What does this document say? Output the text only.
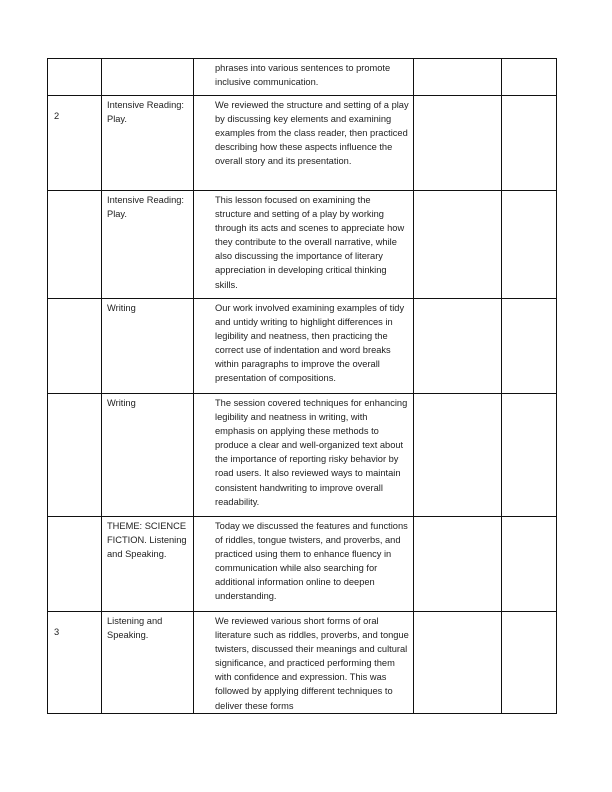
		phrases into various sentences to promote inclusive communication.		

2	Intensive Reading: Play.	We reviewed the structure and setting of a play by discussing key elements and examining examples from the class reader, then practiced describing how these aspects influence the overall story and its presentation.		

	Intensive Reading: Play.	This lesson focused on examining the structure and setting of a play by working through its acts and scenes to appreciate how they contribute to the overall narrative, while also discussing the importance of literary appreciation in developing critical thinking skills.		

	Writing	Our work involved examining examples of tidy and untidy writing to highlight differences in legibility and neatness, then practicing the correct use of indentation and word breaks within paragraphs to improve the overall presentation of compositions.		

	Writing	The session covered techniques for enhancing legibility and neatness in writing, with emphasis on applying these methods to produce a clear and well-organized text about the importance of reporting risky behavior by road users. It also reviewed ways to maintain consistent handwriting to improve overall readability.		

	THEME: SCIENCE FICTION. Listening and Speaking.	Today we discussed the features and functions of riddles, tongue twisters, and proverbs, and practiced using them to enhance fluency in communication while also searching for additional information online to deepen understanding.		

3	Listening and Speaking.	We reviewed various short forms of oral literature such as riddles, proverbs, and tongue twisters, discussed their meanings and cultural significance, and practiced performing them with confidence and expression. This was followed by applying different techniques to deliver these forms		
